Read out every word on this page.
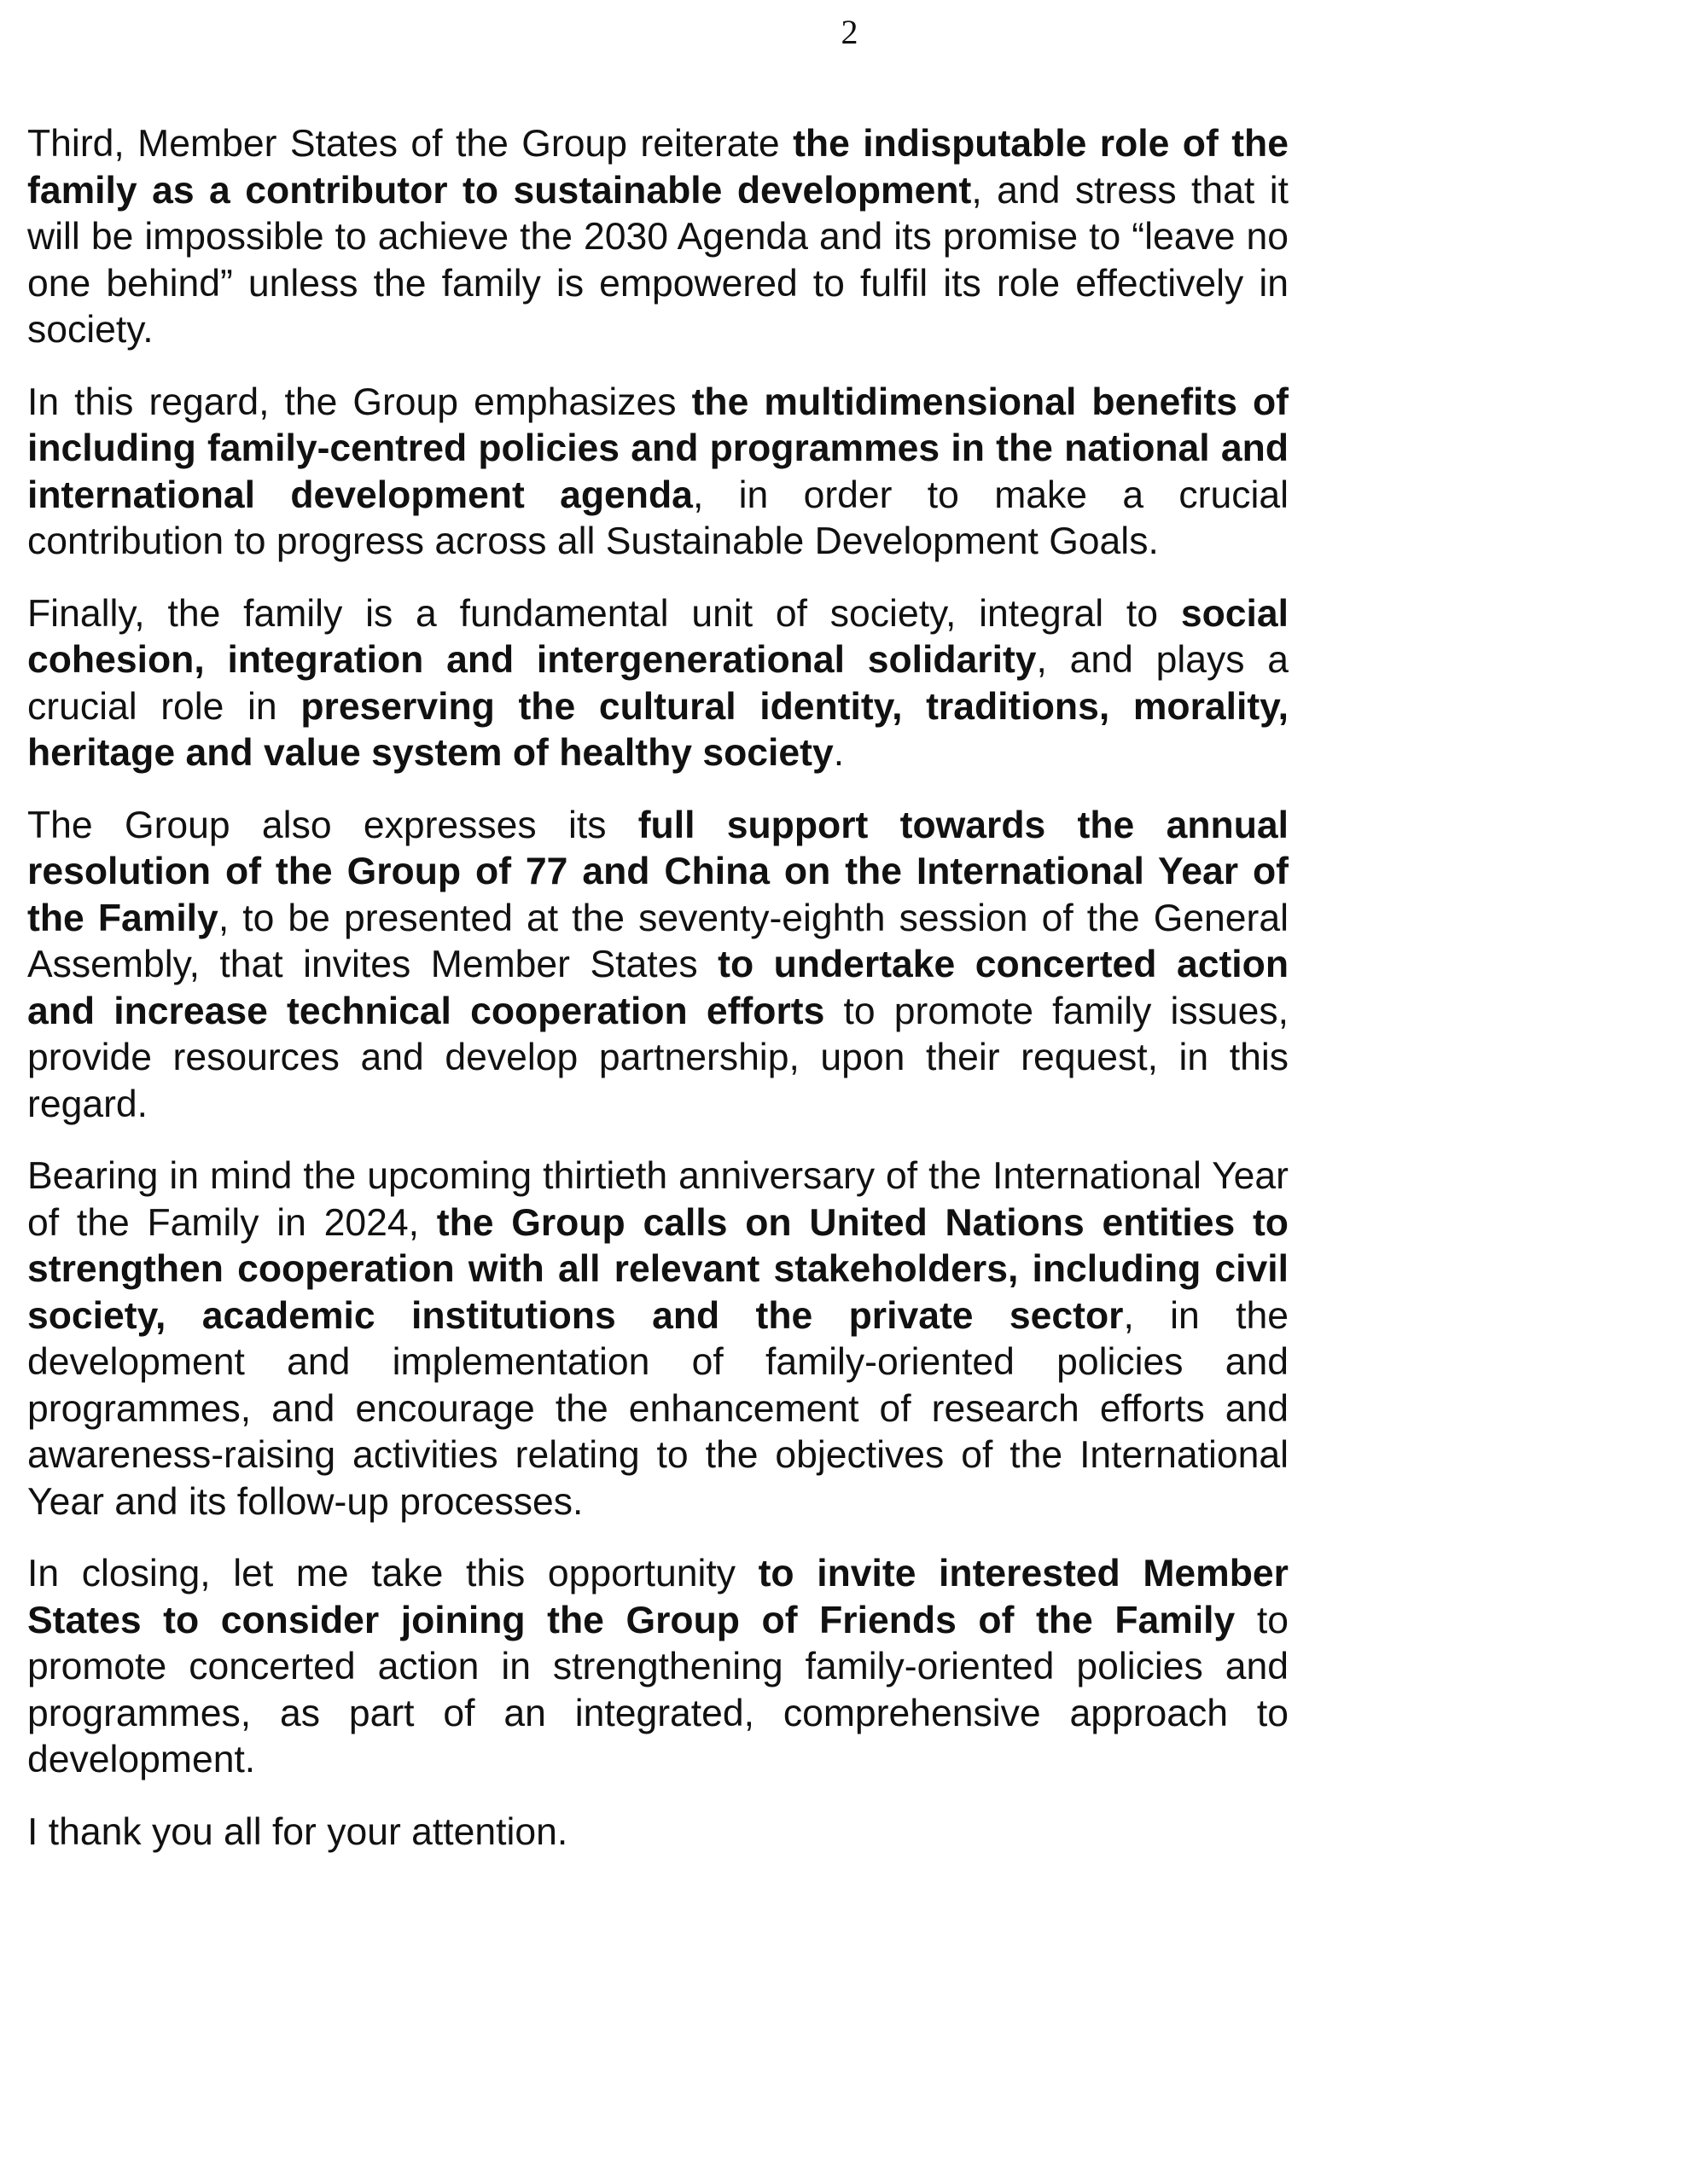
2

Third, Member States of the Group reiterate the indisputable role of the family as a contributor to sustainable development, and stress that it will be impossible to achieve the 2030 Agenda and its promise to “leave no one behind” unless the family is empowered to fulfil its role effectively in society.

In this regard, the Group emphasizes the multidimensional benefits of including family-centred policies and programmes in the national and international development agenda, in order to make a crucial contribution to progress across all Sustainable Development Goals.

Finally, the family is a fundamental unit of society, integral to social cohesion, integration and intergenerational solidarity, and plays a crucial role in preserving the cultural identity, traditions, morality, heritage and value system of healthy society.

The Group also expresses its full support towards the annual resolution of the Group of 77 and China on the International Year of the Family, to be presented at the seventy-eighth session of the General Assembly, that invites Member States to undertake concerted action and increase technical cooperation efforts to promote family issues, provide resources and develop partnership, upon their request, in this regard.

Bearing in mind the upcoming thirtieth anniversary of the International Year of the Family in 2024, the Group calls on United Nations entities to strengthen cooperation with all relevant stakeholders, including civil society, academic institutions and the private sector, in the development and implementation of family-oriented policies and programmes, and encourage the enhancement of research efforts and awareness-raising activities relating to the objectives of the International Year and its follow-up processes.

In closing, let me take this opportunity to invite interested Member States to consider joining the Group of Friends of the Family to promote concerted action in strengthening family-oriented policies and programmes, as part of an integrated, comprehensive approach to development.

I thank you all for your attention.
